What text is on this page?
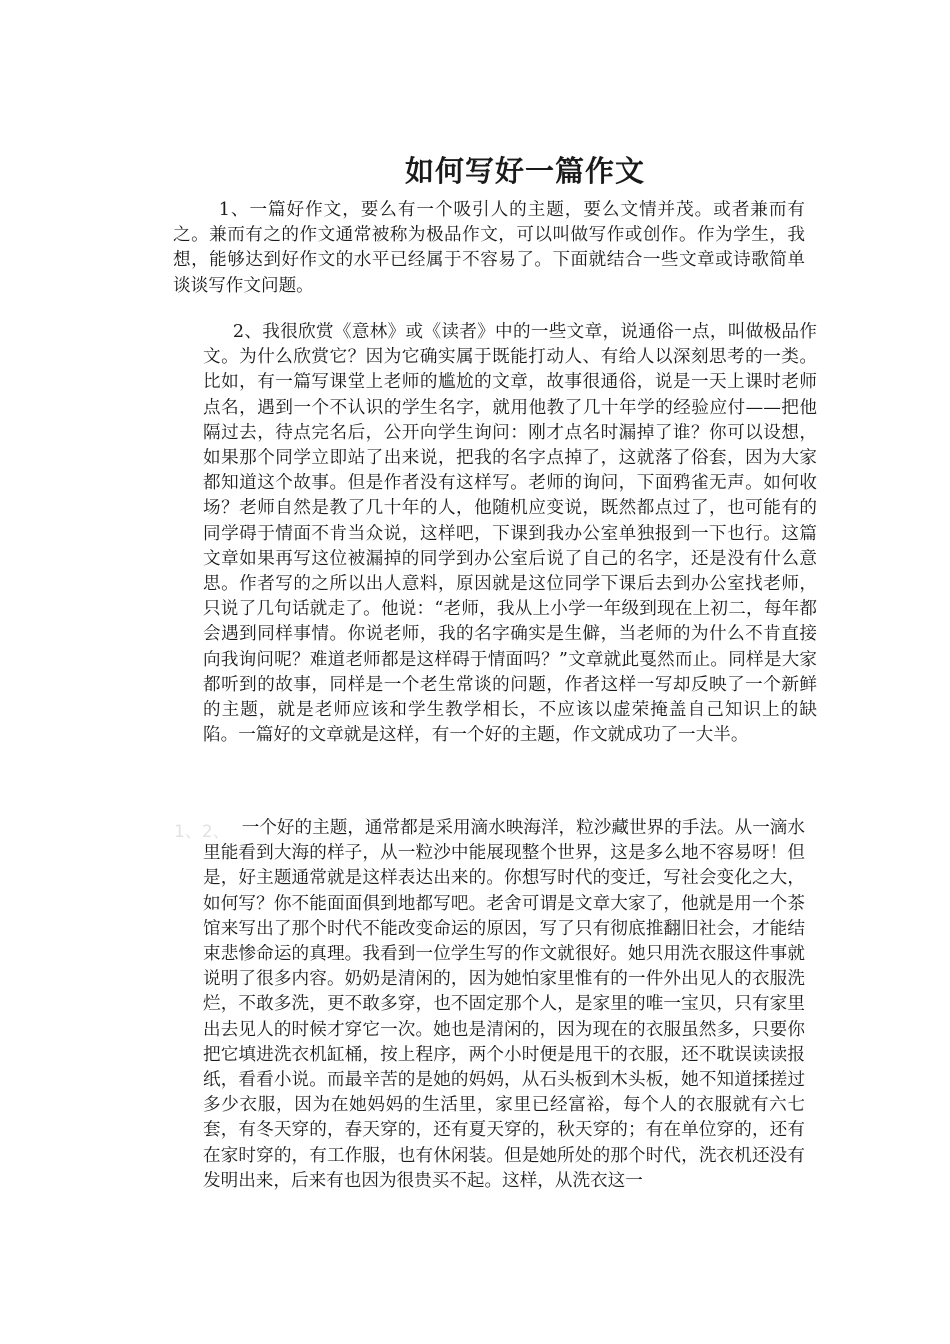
如何写好一篇作文

1、一篇好作文，要么有一个吸引人的主题，要么文情并茂。或者兼而有之。兼而有之的作文通常被称为极品作文，可以叫做写作或创作。作为学生，我想，能够达到好作文的水平已经属于不容易了。下面就结合一些文章或诗歌简单谈谈写作文问题。

2、我很欣赏《意林》或《读者》中的一些文章，说通俗一点，叫做极品作文。为什么欣赏它？因为它确实属于既能打动人、有给人以深刻思考的一类。比如，有一篇写课堂上老师的尴尬的文章，故事很通俗，说是一天上课时老师点名，遇到一个不认识的学生名字，就用他教了几十年学的经验应付——把他隔过去，待点完名后，公开向学生询问：刚才点名时漏掉了谁？你可以设想，如果那个同学立即站了出来说，把我的名字点掉了，这就落了俗套，因为大家都知道这个故事。但是作者没有这样写。老师的询问，下面鸦雀无声。如何收场？老师自然是教了几十年的人，他随机应变说，既然都点过了，也可能有的同学碍于情面不肯当众说，这样吧，下课到我办公室单独报到一下也行。这篇文章如果再写这位被漏掉的同学到办公室后说了自己的名字，还是没有什么意思。作者写的之所以出人意料，原因就是这位同学下课后去到办公室找老师，只说了几句话就走了。他说：“老师，我从上小学一年级到现在上初二，每年都会遇到同样事情。你说老师，我的名字确实是生僻，当老师的为什么不肯直接向我询问呢？难道老师都是这样碍于情面吗？”文章就此戛然而止。同样是大家都听到的故事，同样是一个老生常谈的问题，作者这样一写却反映了一个新鲜的主题，就是老师应该和学生教学相长，不应该以虚荣掩盖自己知识上的缺陷。一篇好的文章就是这样，有一个好的主题，作文就成功了一大半。

1、2、 一个好的主题，通常都是采用滴水映海洋，粒沙藏世界的手法。从一滴水里能看到大海的样子，从一粒沙中能展现整个世界，这是多么地不容易呀！但是，好主题通常就是这样表达出来的。你想写时代的变迁，写社会变化之大，如何写？你不能面面俱到地都写吧。老舍可谓是文章大家了，他就是用一个茶馆来写出了那个时代不能改变命运的原因，写了只有彻底推翻旧社会，才能结束悲惨命运的真理。我看到一位学生写的作文就很好。她只用洗衣服这件事就说明了很多内容。奶奶是清闲的，因为她怕家里惟有的一件外出见人的衣服洗烂，不敢多洗，更不敢多穿，也不固定那个人，是家里的唯一宝贝，只有家里出去见人的时候才穿它一次。她也是清闲的，因为现在的衣服虽然多，只要你把它填进洗衣机缸桶，按上程序，两个小时便是甩干的衣服，还不耽误读读报纸，看看小说。而最辛苦的是她的妈妈，从石头板到木头板，她不知道揉搓过多少衣服，因为在她妈妈的生活里，家里已经富裕，每个人的衣服就有六七套，有冬天穿的，春天穿的，还有夏天穿的，秋天穿的；有在单位穿的，还有在家时穿的，有工作服，也有休闲装。但是她所处的那个时代，洗衣机还没有发明出来，后来有也因为很贵买不起。这样，从洗衣这一
